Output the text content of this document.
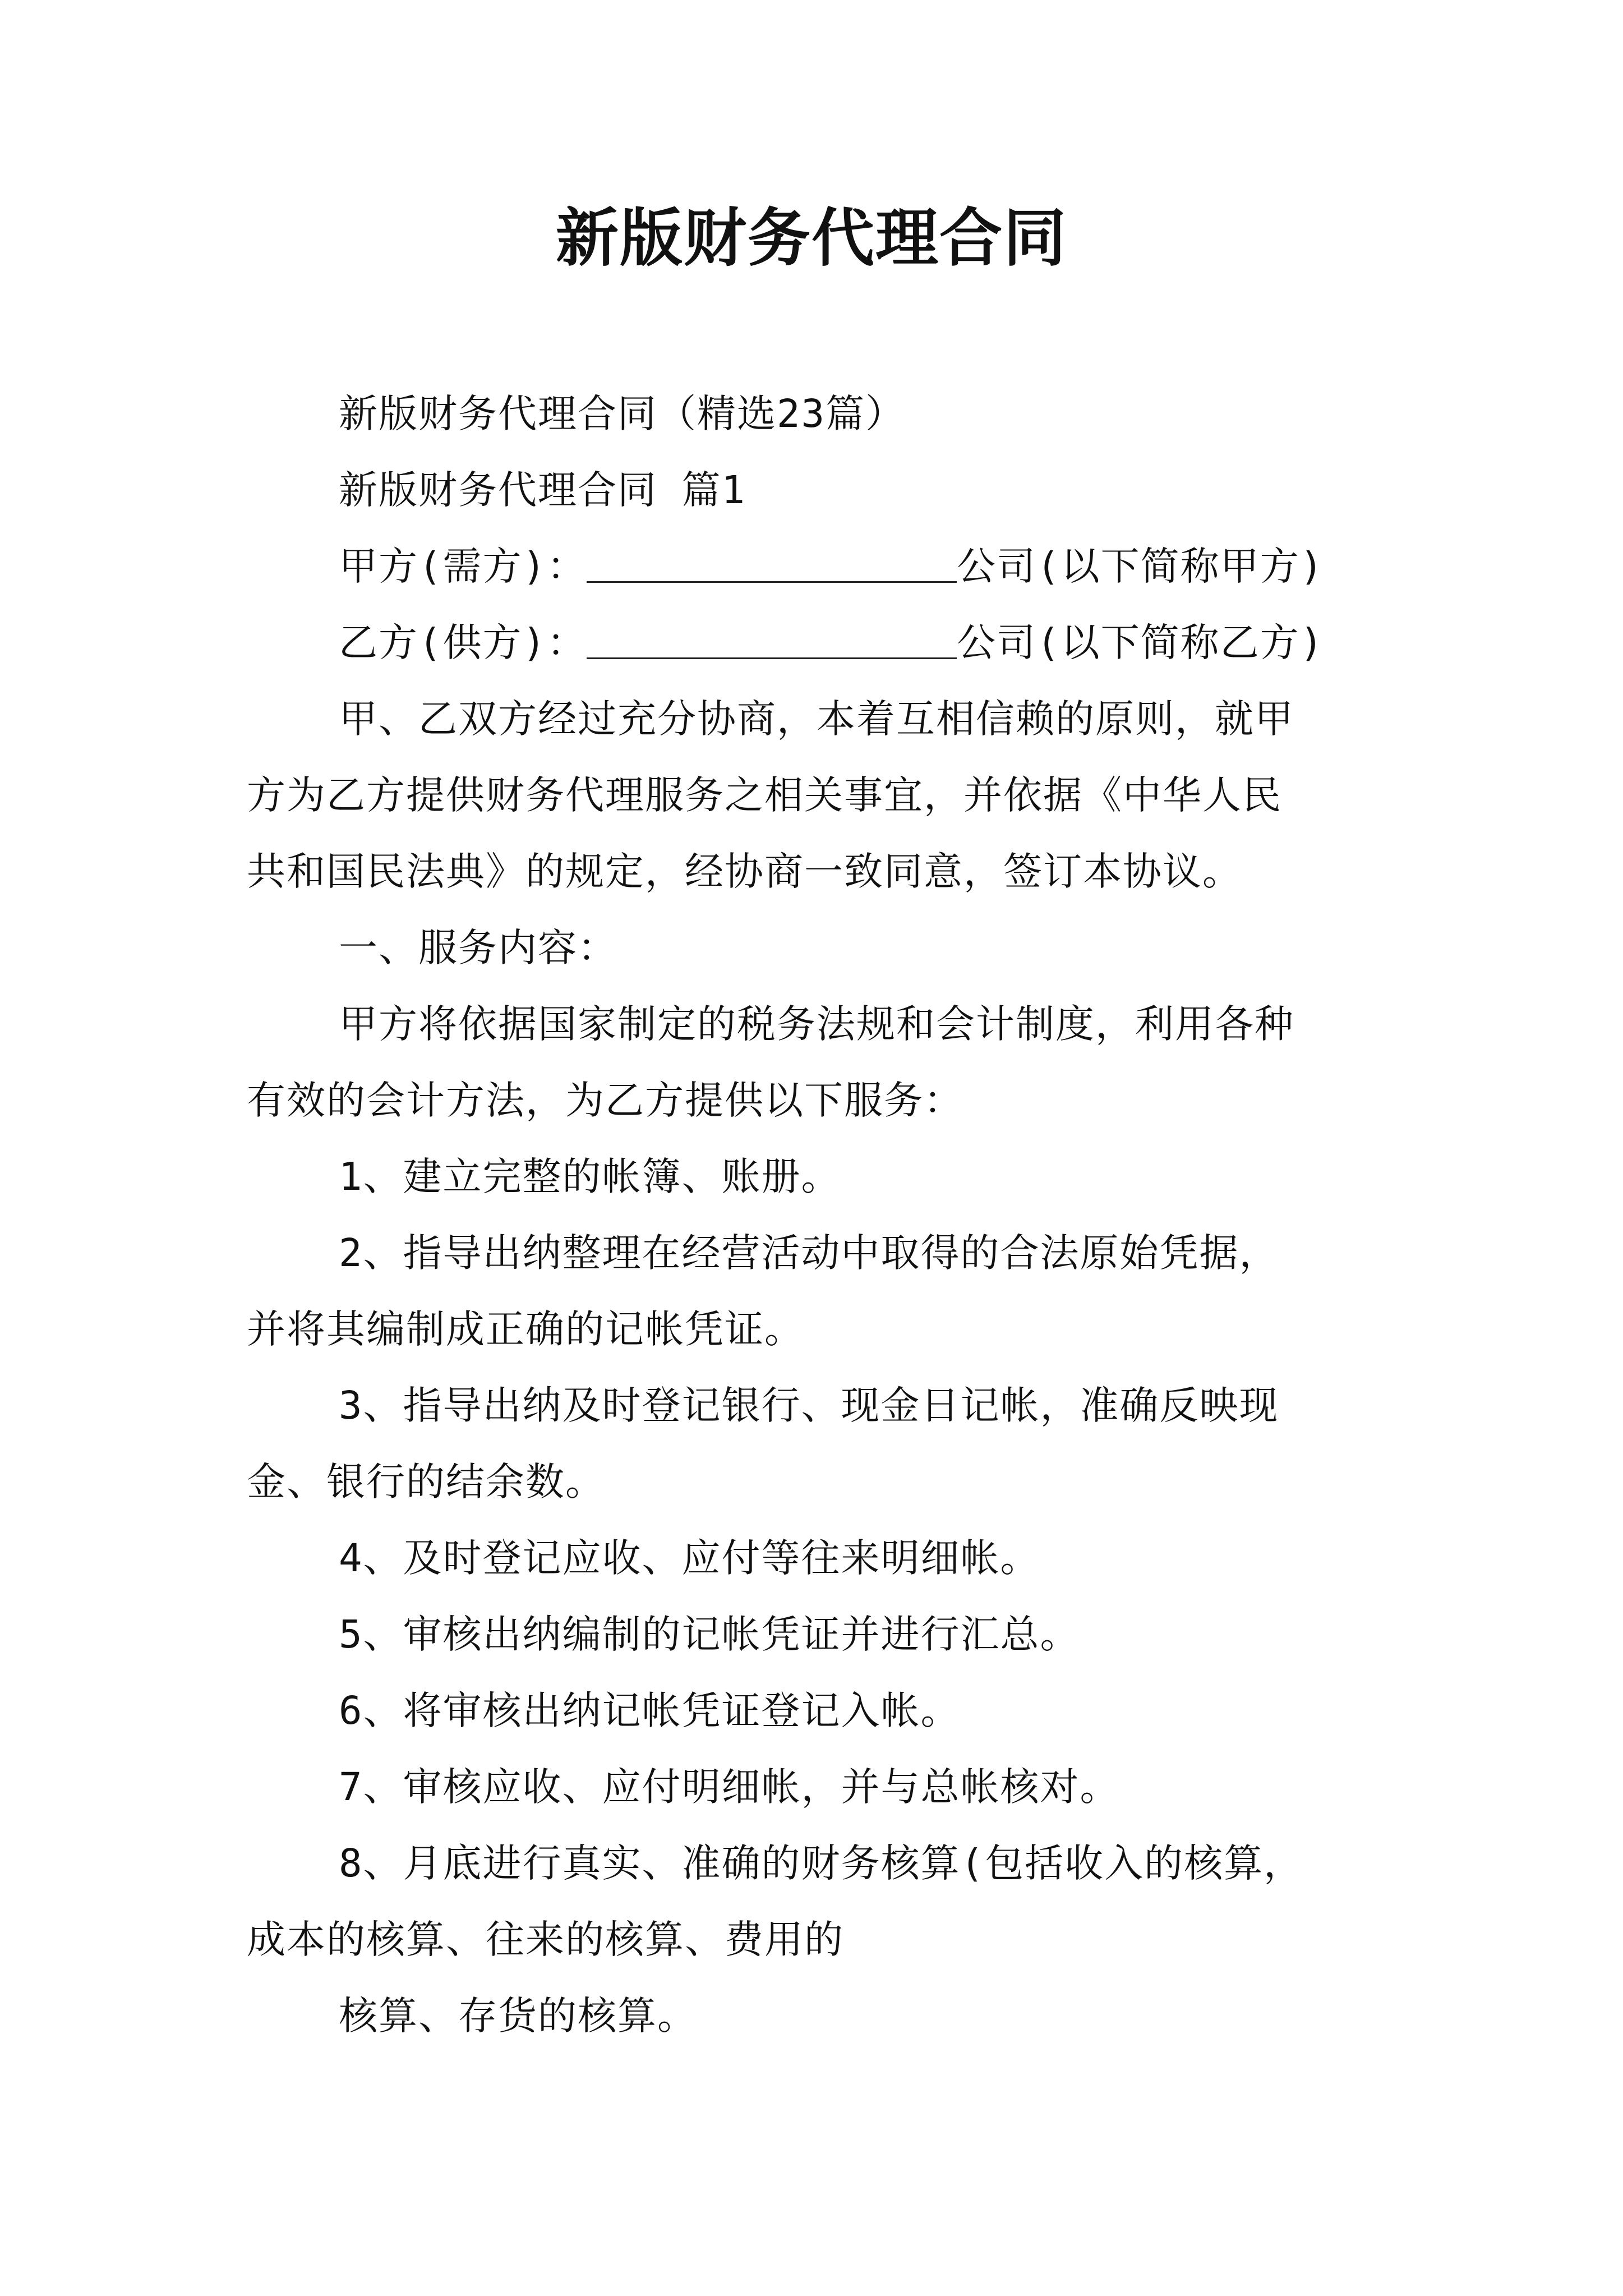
新版财务代理合同

新版财务代理合同（精选23篇）

新版财务代理合同 篇1

甲方(需方)：	公司(以下简称甲方)

乙方(供方)：	公司(以下简称乙方)

甲、乙双方经过充分协商，本着互相信赖的原则，就甲

方为乙方提供财务代理服务之相关事宜，并依据《中华人民

共和国民法典》的规定，经协商一致同意，签订本协议。

一、服务内容：

甲方将依据国家制定的税务法规和会计制度，利用各种

有效的会计方法，为乙方提供以下服务：

1、建立完整的帐簿、账册。

2、指导出纳整理在经营活动中取得的合法原始凭据，

并将其编制成正确的记帐凭证。

3、指导出纳及时登记银行、现金日记帐，准确反映现

金、银行的结余数。

4、及时登记应收、应付等往来明细帐。

5、审核出纳编制的记帐凭证并进行汇总。

6、将审核出纳记帐凭证登记入帐。

7、审核应收、应付明细帐，并与总帐核对。

8、月底进行真实、准确的财务核算(包括收入的核算，

成本的核算、往来的核算、费用的

核算、存货的核算。
